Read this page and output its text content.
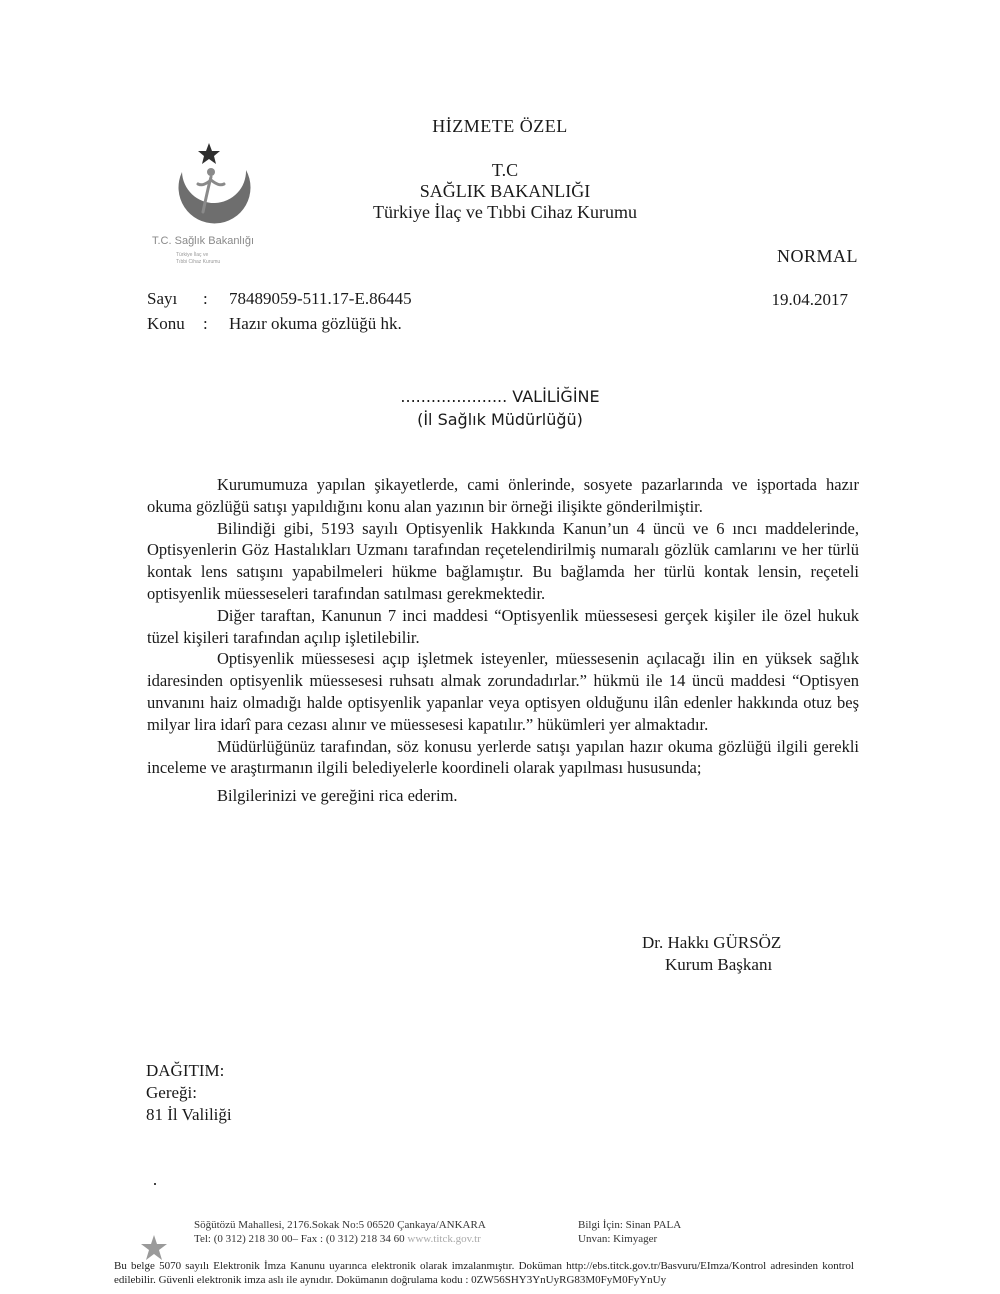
HİZMETE ÖZEL
T.C. Sağlık Bakanlığı
Türkiye İlaç ve
Tıbbi Cihaz Kurumu
T.C
SAĞLIK BAKANLIĞI
Türkiye İlaç ve Tıbbi Cihaz Kurumu
NORMAL
19.04.2017
Sayı : 78489059-511.17-E.86445
Konu : Hazır okuma gözlüğü hk.
..................... VALİLİĞİNE
(İl Sağlık Müdürlüğü)

Kurumumuza yapılan şikayetlerde, cami önlerinde, sosyete pazarlarında ve işportada hazır okuma gözlüğü satışı yapıldığını konu alan yazının bir örneği ilişikte gönderilmiştir.

Bilindiği gibi, 5193 sayılı Optisyenlik Hakkında Kanun’un 4 üncü ve 6 ıncı maddelerinde, Optisyenlerin Göz Hastalıkları Uzmanı tarafından reçetelendirilmiş numaralı gözlük camlarını ve her türlü kontak lens satışını yapabilmeleri hükme bağlamıştır. Bu bağlamda her türlü kontak lensin, reçeteli optisyenlik müesseseleri tarafından satılması gerekmektedir.

Diğer taraftan, Kanunun 7 inci maddesi “Optisyenlik müessesesi gerçek kişiler ile özel hukuk tüzel kişileri tarafından açılıp işletilebilir.

Optisyenlik müessesesi açıp işletmek isteyenler, müessesenin açılacağı ilin en yüksek sağlık idaresinden optisyenlik müessesesi ruhsatı almak zorundadırlar.” hükmü ile 14 üncü maddesi “Optisyen unvanını haiz olmadığı halde optisyenlik yapanlar veya optisyen olduğunu ilân edenler hakkında otuz beş milyar lira idarî para cezası alınır ve müessesesi kapatılır.” hükümleri yer almaktadır.

Müdürlüğünüz tarafından, söz konusu yerlerde satışı yapılan hazır okuma gözlüğü ilgili gerekli inceleme ve araştırmanın ilgili belediyelerle koordineli olarak yapılması hususunda;

Bilgilerinizi ve gereğini rica ederim.

Dr. Hakkı GÜRSÖZ
Kurum Başkanı
DAĞITIM:
Gereği:
81 İl Valiliği
Söğütözü Mahallesi, 2176.Sokak No:5 06520 Çankaya/ANKARA
Tel: (0 312) 218 30 00– Fax : (0 312) 218 34 60 www.titck.gov.tr
Bilgi İçin: Sinan PALA
Unvan: Kimyager
Bu belge 5070 sayılı Elektronik İmza Kanunu uyarınca elektronik olarak imzalanmıştır. Doküman http://ebs.titck.gov.tr/Basvuru/EImza/Kontrol adresinden kontrol edilebilir. Güvenli elektronik imza aslı ile aynıdır. Dokümanın doğrulama kodu : 0ZW56SHY3YnUyRG83M0FyM0FyYnUy
